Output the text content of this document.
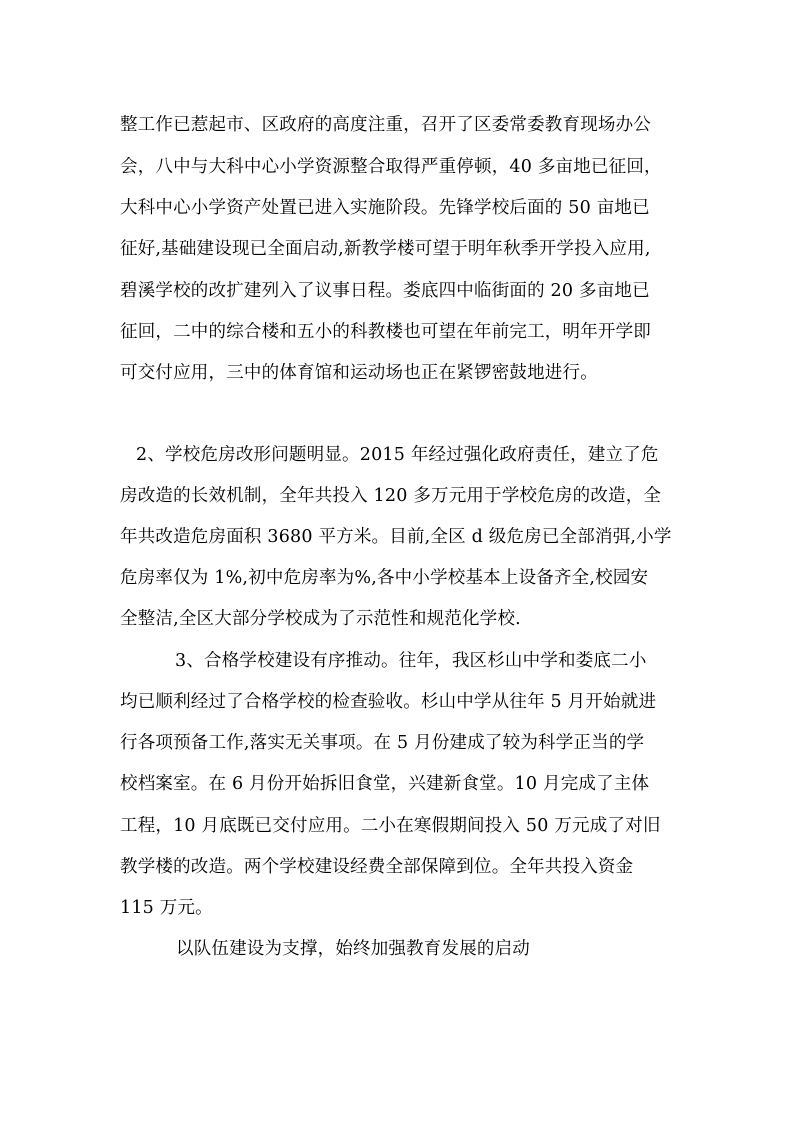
整工作已惹起市、区政府的高度注重，召开了区委常委教育现场办公
会，八中与大科中心小学资源整合取得严重停顿，40 多亩地已征回，
大科中心小学资产处置已进入实施阶段。先锋学校后面的 50 亩地已
征好,基础建设现已全面启动,新教学楼可望于明年秋季开学投入应用,
碧溪学校的改扩建列入了议事日程。娄底四中临街面的 20 多亩地已
征回，二中的综合楼和五小的科教楼也可望在年前完工，明年开学即
可交付应用，三中的体育馆和运动场也正在紧锣密鼓地进行。
2、学校危房改形问题明显。2015 年经过强化政府责任，建立了危
房改造的长效机制，全年共投入 120 多万元用于学校危房的改造，全
年共改造危房面积 3680 平方米。目前,全区 d 级危房已全部消弭,小学
危房率仅为 1%,初中危房率为%,各中小学校基本上设备齐全,校园安
全整洁,全区大部分学校成为了示范性和规范化学校.
3、合格学校建设有序推动。往年，我区杉山中学和娄底二小
均已顺利经过了合格学校的检查验收。杉山中学从往年 5 月开始就进
行各项预备工作,落实无关事项。在 5 月份建成了较为科学正当的学
校档案室。在 6 月份开始拆旧食堂，兴建新食堂。10 月完成了主体
工程，10 月底既已交付应用。二小在寒假期间投入 50 万元成了对旧
教学楼的改造。两个学校建设经费全部保障到位。全年共投入资金
115 万元。
以队伍建设为支撑，始终加强教育发展的启动
